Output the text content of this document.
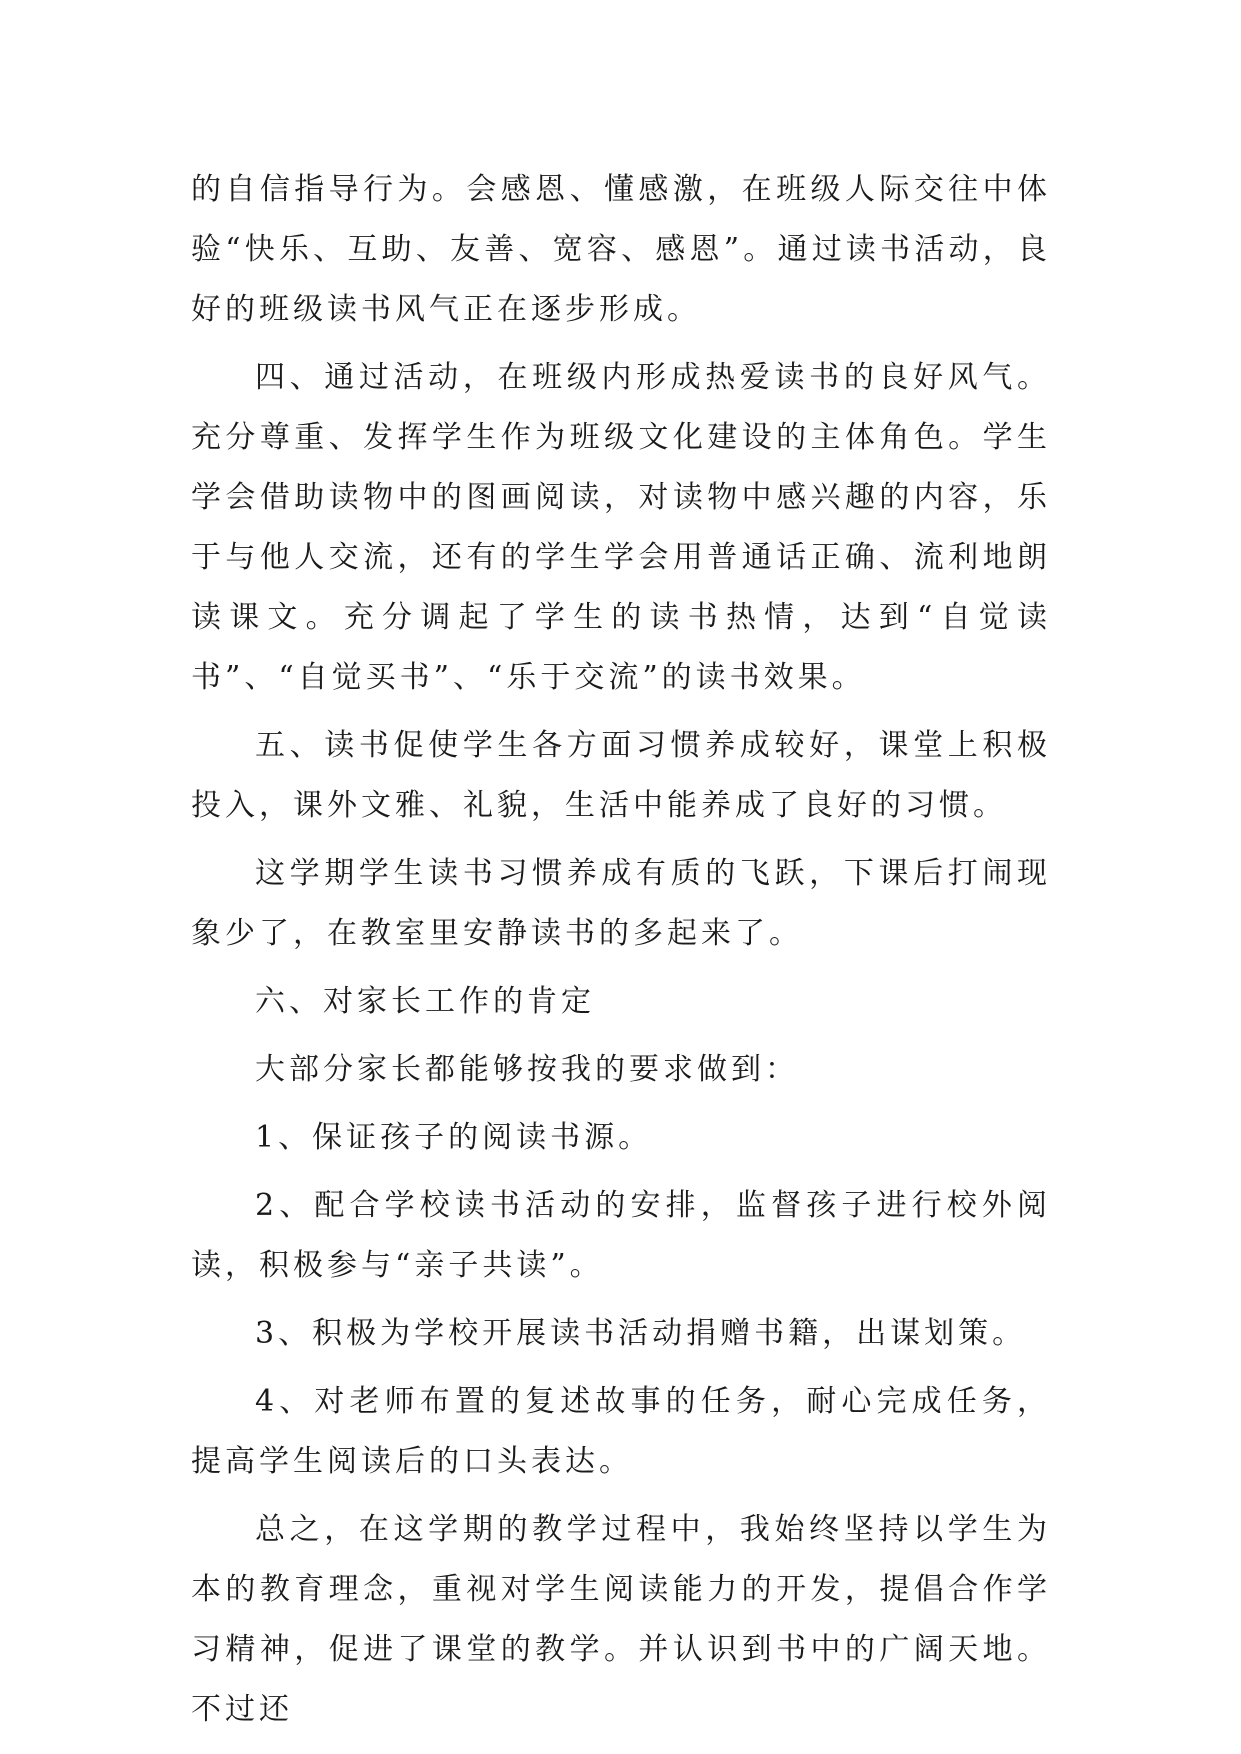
的自信指导行为。会感恩、懂感激，在班级人际交往中体验“快乐、互助、友善、宽容、感恩”。通过读书活动，良好的班级读书风气正在逐步形成。

四、通过活动，在班级内形成热爱读书的良好风气。充分尊重、发挥学生作为班级文化建设的主体角色。学生学会借助读物中的图画阅读，对读物中感兴趣的内容，乐于与他人交流，还有的学生学会用普通话正确、流利地朗读课文。充分调起了学生的读书热情，达到“自觉读书”、“自觉买书”、“乐于交流”的读书效果。

五、读书促使学生各方面习惯养成较好，课堂上积极投入，课外文雅、礼貌，生活中能养成了良好的习惯。

这学期学生读书习惯养成有质的飞跃，下课后打闹现象少了，在教室里安静读书的多起来了。

六、对家长工作的肯定

大部分家长都能够按我的要求做到：

1、保证孩子的阅读书源。

2、配合学校读书活动的安排，监督孩子进行校外阅读，积极参与“亲子共读”。

3、积极为学校开展读书活动捐赠书籍，出谋划策。

4、对老师布置的复述故事的任务，耐心完成任务，提高学生阅读后的口头表达。

总之，在这学期的教学过程中，我始终坚持以学生为本的教育理念，重视对学生阅读能力的开发，提倡合作学习精神，促进了课堂的教学。并认识到书中的广阔天地。不过还
